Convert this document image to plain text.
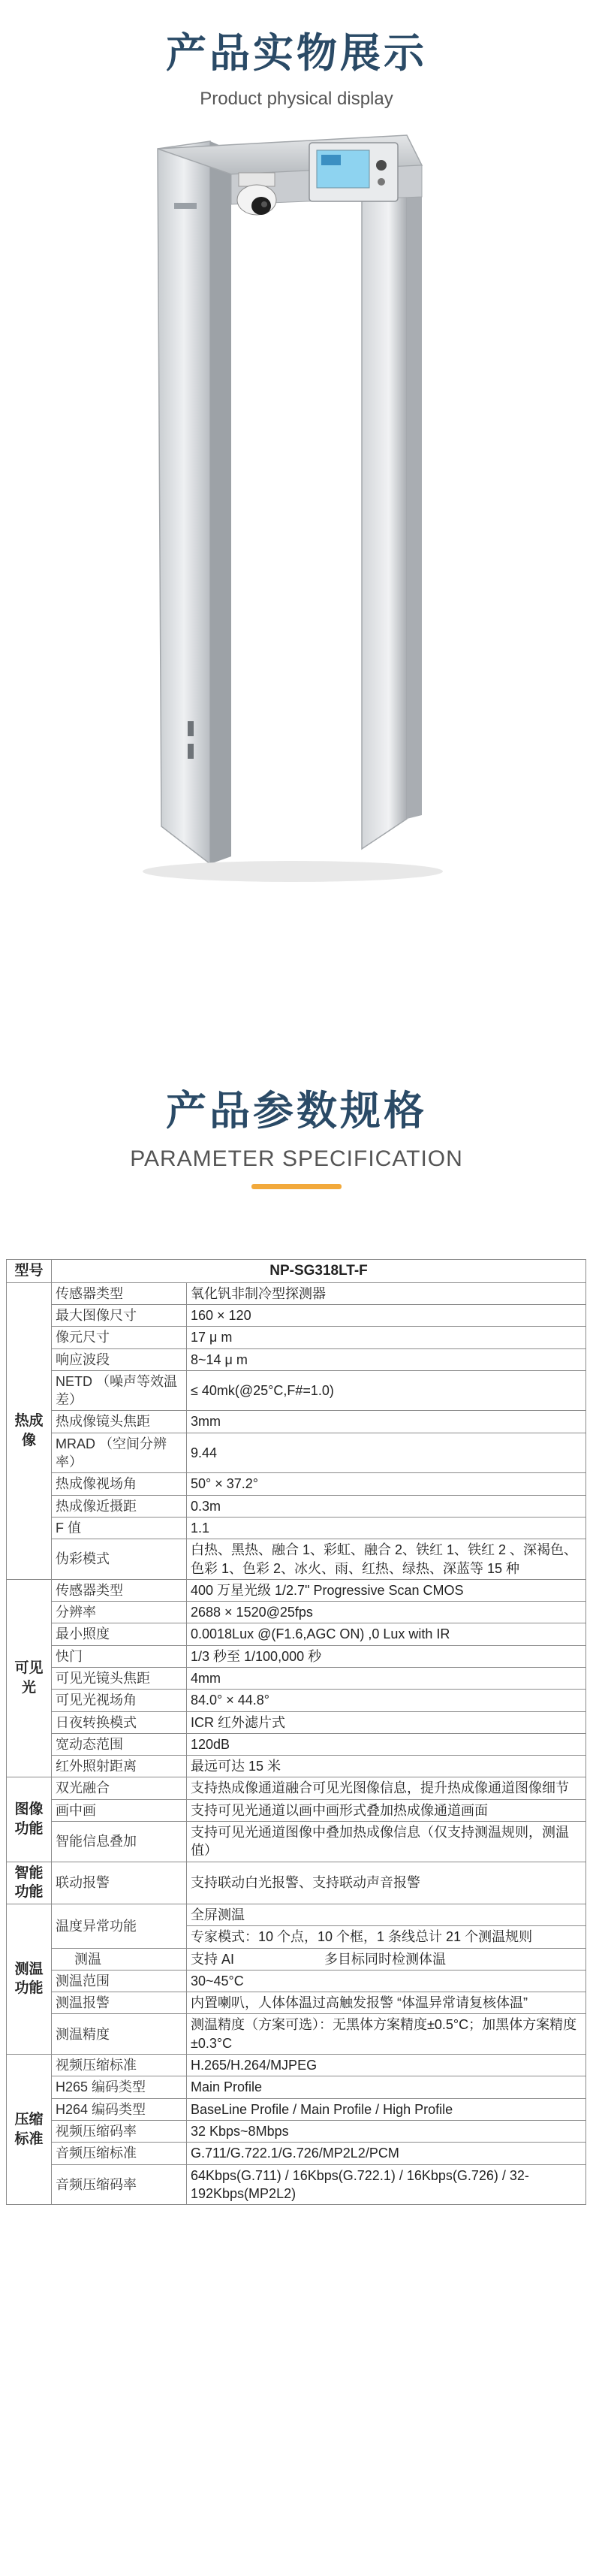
产品实物展示
Product physical display
产品参数规格
PARAMETER SPECIFICATION
型号	NP-SG318LT-F	
热成像	传感器类型	氧化钒非制冷型探测器
	最大图像尺寸	160 × 120
	像元尺寸	17 μ m
	响应波段	8~14 μ m
	NETD （噪声等效温差）	≤ 40mk(@25°C,F#=1.0)
	热成像镜头焦距	3mm
	MRAD （空间分辨率）	9.44
	热成像视场角	50° × 37.2°
	热成像近摄距	0.3m
	F 值	1.1
	伪彩模式	白热、黑热、融合 1、彩虹、融合 2、铁红 1、铁红 2 、深褐色、色彩 1、色彩 2、冰火、雨、红热、绿热、深蓝等 15 种
可见光	传感器类型	400 万星光级 1/2.7" Progressive Scan CMOS
	分辨率	2688 × 1520@25fps
	最小照度	0.0018Lux @(F1.6,AGC ON) ,0 Lux with IR
	快门	1/3 秒至 1/100,000 秒
	可见光镜头焦距	4mm
	可见光视场角	84.0° × 44.8°
	日夜转换模式	ICR 红外滤片式
	宽动态范围	120dB
	红外照射距离	最远可达 15 米
图像功能	双光融合	支持热成像通道融合可见光图像信息，提升热成像通道图像细节
	画中画	支持可见光通道以画中画形式叠加热成像通道画面
	智能信息叠加	支持可见光通道图像中叠加热成像信息（仅支持测温规则，测温值）
智能功能	联动报警	支持联动白光报警、支持联动声音报警
测温功能	温度异常功能	全屏测温
		专家模式：10 个点，10 个框，1 条线总计 21 个测温规则
	测温	支持 AI 多目标同时检测体温
	测温范围	30~45°C
	测温报警	内置喇叭，人体体温过高触发报警 “体温异常请复核体温”
	测温精度	测温精度（方案可选）：无黑体方案精度±0.5°C；加黑体方案精度±0.3°C

压缩标准	视频压缩标准	H.265/H.264/MJPEG
	H265 编码类型	Main Profile
	H264 编码类型	BaseLine Profile / Main Profile / High Profile
	视频压缩码率	32 Kbps~8Mbps
	音频压缩标准	G.711/G.722.1/G.726/MP2L2/PCM
	音频压缩码率	64Kbps(G.711) / 16Kbps(G.722.1) / 16Kbps(G.726) / 32-192Kbps(MP2L2)
